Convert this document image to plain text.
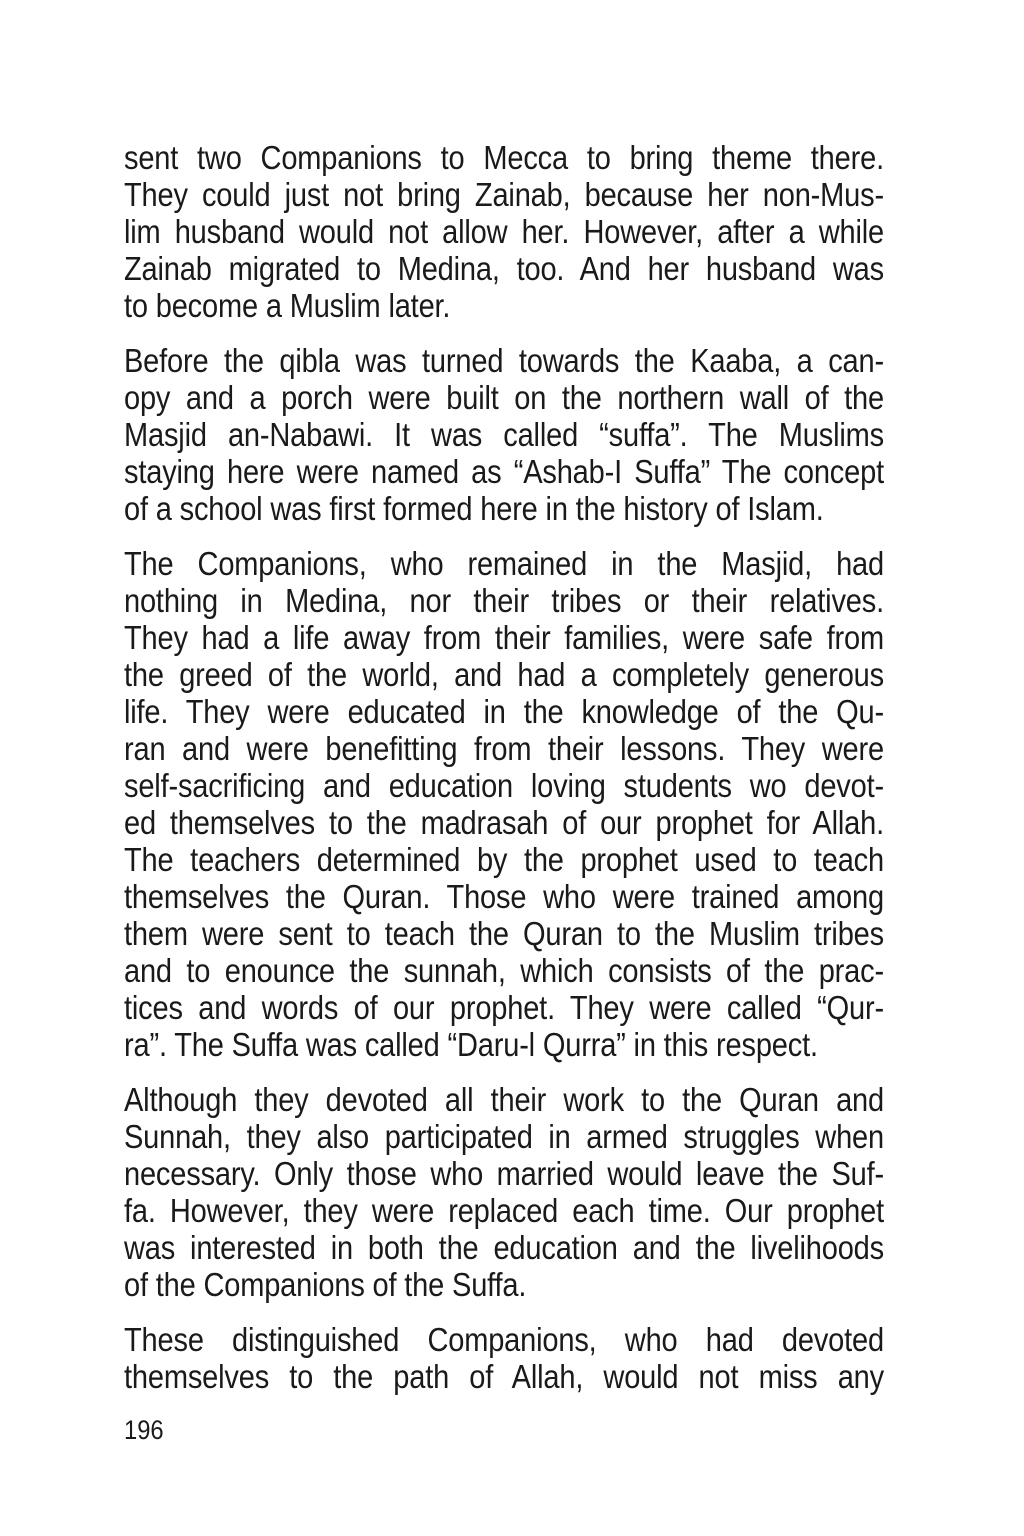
sent two Companions to Mecca to bring theme there.
They could just not bring Zainab, because her non-Mus-
lim husband would not allow her. However, after a while
Zainab migrated to Medina, too. And her husband was
to become a Muslim later.
Before the qibla was turned towards the Kaaba, a can-
opy and a porch were built on the northern wall of the
Masjid an-Nabawi. It was called “suffa”. The Muslims
staying here were named as “Ashab-I Suffa” The concept
of a school was first formed here in the history of Islam.
The Companions, who remained in the Masjid, had
nothing in Medina, nor their tribes or their relatives.
They had a life away from their families, were safe from
the greed of the world, and had a completely generous
life. They were educated in the knowledge of the Qu-
ran and were benefitting from their lessons. They were
self-sacrificing and education loving students wo devot-
ed themselves to the madrasah of our prophet for Allah.
The teachers determined by the prophet used to teach
themselves the Quran. Those who were trained among
them were sent to teach the Quran to the Muslim tribes
and to enounce the sunnah, which consists of the prac-
tices and words of our prophet. They were called “Qur-
ra”. The Suffa was called “Daru-l Qurra” in this respect.
Although they devoted all their work to the Quran and
Sunnah, they also participated in armed struggles when
necessary. Only those who married would leave the Suf-
fa. However, they were replaced each time. Our prophet
was interested in both the education and the livelihoods
of the Companions of the Suffa.
These distinguished Companions, who had devoted
themselves to the path of Allah, would not miss any
196
